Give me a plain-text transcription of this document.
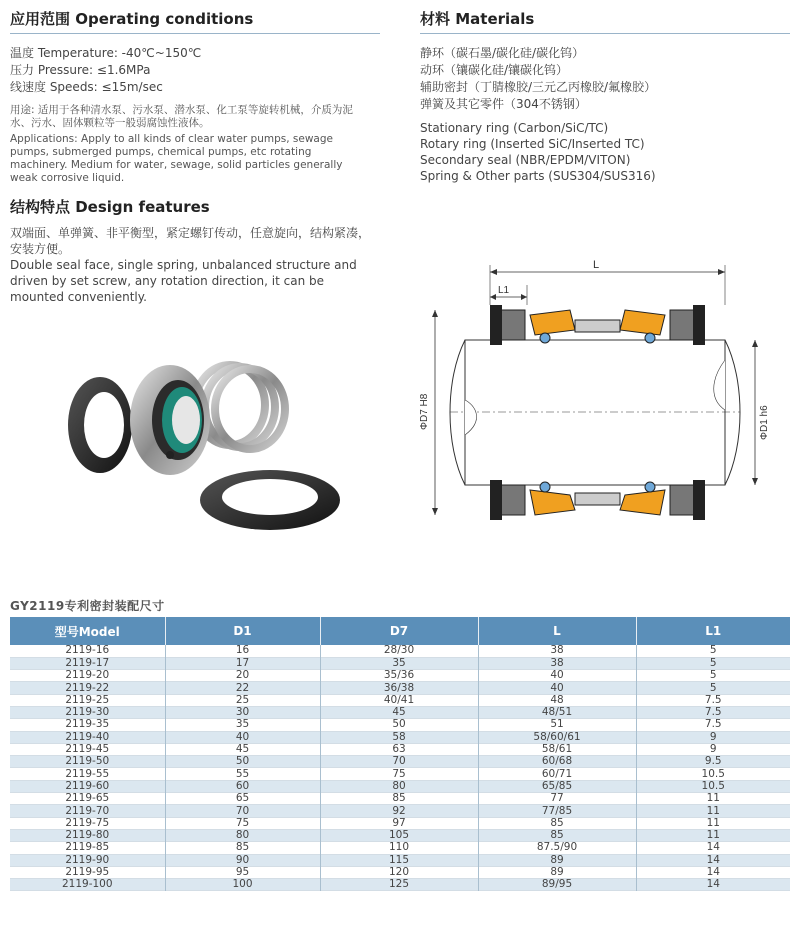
应用范围 Operating conditions
温度 Temperature: -40℃~150℃
压力 Pressure: ≤1.6MPa
线速度 Speeds: ≤15m/sec
用途: 适用于各种清水泵、污水泵、潜水泵、化工泵等旋转机械，介质为泥水、污水、固体颗粒等一般弱腐蚀性液体。
Applications: Apply to all kinds of clear water pumps, sewage pumps, submerged pumps, chemical pumps, etc rotating machinery. Medium for water, sewage, solid particles generally weak corrosive liquid.
结构特点 Design features
双端面、单弹簧、非平衡型，紧定螺钉传动，任意旋向，结构紧凑，安装方便。
Double seal face, single spring, unbalanced structure and driven by set screw, any rotation direction, it can be mounted conveniently.
材料 Materials
静环（碳石墨/碳化硅/碳化钨）
动环（镶碳化硅/镶碳化钨）
辅助密封（丁腈橡胶/三元乙丙橡胶/氟橡胶）
弹簧及其它零件（304不锈钢）
Stationary ring (Carbon/SiC/TC)
Rotary ring (Inserted SiC/Inserted TC)
Secondary seal (NBR/EPDM/VITON)
Spring & Other parts (SUS304/SUS316)
L
L1
ΦD7 H8	ΦD1 h6
GY2119专利密封装配尺寸
型号Model	D1	D7	L	L1
2119-16	16	28/30	38	5
2119-17	17	35	38	5
2119-20	20	35/36	40	5
2119-22	22	36/38	40	5
2119-25	25	40/41	48	7.5
2119-30	30	45	48/51	7.5
2119-35	35	50	51	7.5
2119-40	40	58	58/60/61	9
2119-45	45	63	58/61	9
2119-50	50	70	60/68	9.5
2119-55	55	75	60/71	10.5
2119-60	60	80	65/85	10.5
2119-65	65	85	77	11
2119-70	70	92	77/85	11
2119-75	75	97	85	11
2119-80	80	105	85	11
2119-85	85	110	87.5/90	14
2119-90	90	115	89	14
2119-95	95	120	89	14
2119-100	100	125	89/95	14
